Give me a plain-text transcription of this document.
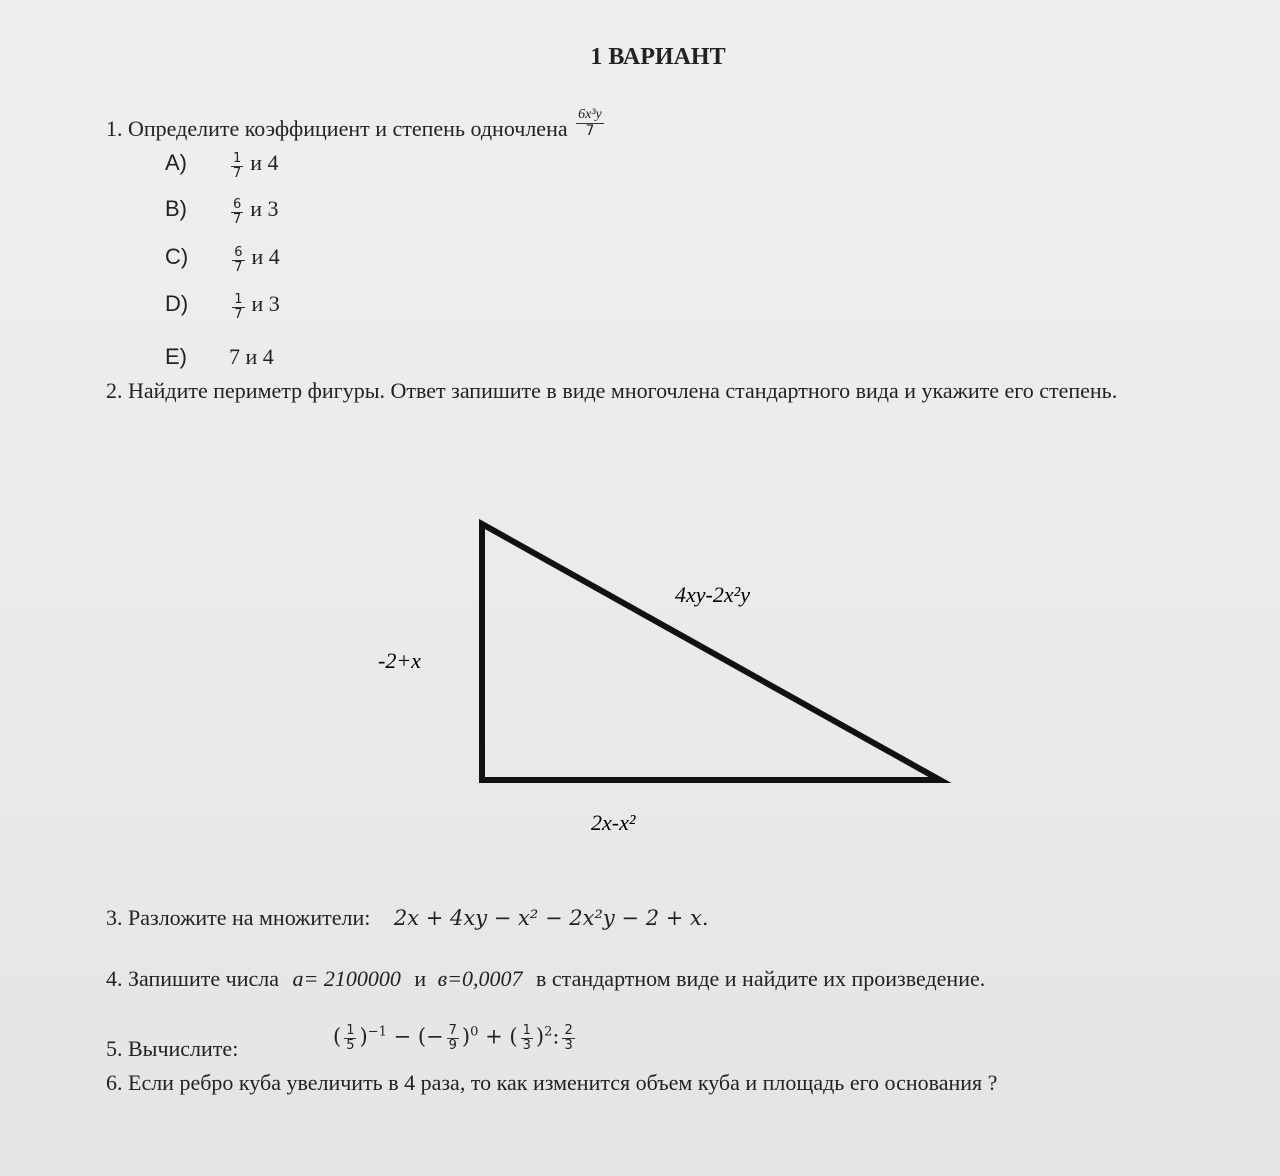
1 ВАРИАНТ
1. Определите коэффициент и степень одночлена $\frac{\text{6x³y}}{7}$
A)	$\frac{1}{7}$ и 4
B)	$\frac{6}{7}$ и 3
C)	$\frac{6}{7}$ и 4
D)	$\frac{1}{7}$ и 3
E) 7 и 4
2. Найдите периметр фигуры. Ответ запишите в виде многочлена стандартного вида и укажите его степень.
4xy-2x²y
-2+x
2x-x²
3. Разложите на множители: 2x + 4xy − x² − 2x²y − 2 + x.
4. Запишите числа a= 2100000 и в=0,0007 в стандартном виде и найдите их произведение.
5. Вычислите:	( $\frac{1}{5} )^{-1}$ − (− $\frac{7}{9} )^0$ + ( $\frac{1}{3} )^2$: $\frac{2}{3}$
6. Если ребро куба увеличить в 4 раза, то как изменится объем куба и площадь его основания ?
